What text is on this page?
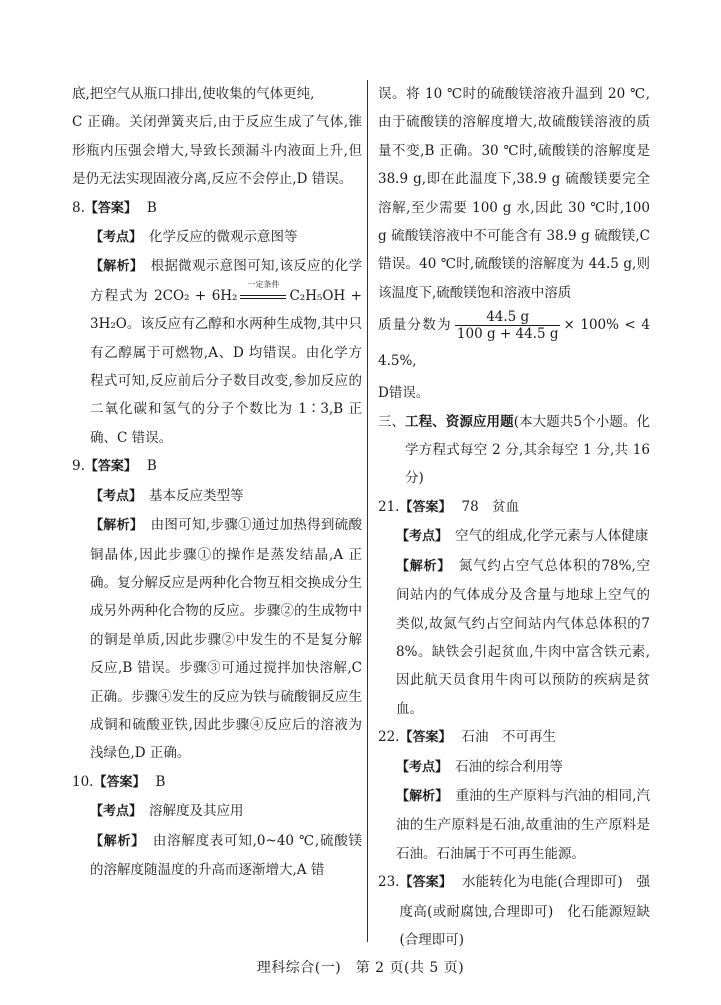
底,把空气从瓶口排出,使收集的气体更纯,

C 正确。关闭弹簧夹后,由于反应生成了气体,锥形瓶内压强会增大,导致长颈漏斗内液面上升,但是仍无法实现固液分离,反应不会停止,D 错误。

8. 【答案】 B
【考点】　 化学反应的微观示意图等
【解析】　 根据微观示意图可知,该反应的化学方程式为 2CO₂ + 6H₂
一定条件
C₂H₅OH + 3H₂O。该反应有乙醇和水两种生成物,其中只有乙醇属于可燃物,A、D 均错误。由化学方程式可知,反应前后分子数目改变,参加反应的二氧化碳和氢气的分子个数比为 1∶3,B 正确、C 错误。
9. 【答案】 B
【考点】　 基本反应类型等
【解析】　 由图可知,步骤①通过加热得到硫酸铜晶体,因此步骤①的操作是蒸发结晶,A 正确。复分解反应是两种化合物互相交换成分生成另外两种化合物的反应。步骤②的生成物中的铜是单质,因此步骤②中发生的不是复分解反应,B 错误。步骤③可通过搅拌加快溶解,C 正确。步骤④发生的反应为铁与硫酸铜反应生成铜和硫酸亚铁,因此步骤④反应后的溶液为浅绿色,D 正确。
10. 【答案】 B
【考点】　 溶解度及其应用
【解析】　 由溶解度表可知,0~40 ℃,硫酸镁的溶解度随温度的升高而逐渐增大,A 错

误。将 10 ℃时的硫酸镁溶液升温到 20 ℃,由于硫酸镁的溶解度增大,故硫酸镁溶液的质量不变,B 正确。30 ℃时,硫酸镁的溶解度是 38.9 g,即在此温度下,38.9 g 硫酸镁要完全溶解,至少需要 100 g 水,因此 30 ℃时,100 g 硫酸镁溶液中不可能含有 38.9 g 硫酸镁,C 错误。40 ℃时,硫酸镁的溶解度为 44.5 g,则该温度下,硫酸镁饱和溶液中溶质

质量分数为 $\frac{44.5 g}{100 g + 44.5 g} \times 100\% < 44.5\%$,

D错误。

三、 工程、资源应用题(本大题共5个小题。化学方程式每空 2 分,其余每空 1 分,共 16 分)
21. 【答案】 78　贫血
【考点】　 空气的组成,化学元素与人体健康
【解析】　 氮气约占空气总体积的78%,空间站内的气体成分及含量与地球上空气的类似,故氮气约占空间站内气体总体积的78%。缺铁会引起贫血,牛肉中富含铁元素,因此航天员食用牛肉可以预防的疾病是贫血。
22. 【答案】 石油　不可再生
【考点】　 石油的综合利用等
【解析】　 重油的生产原料与汽油的相同,汽油的生产原料是石油,故重油的生产原料是石油。石油属于不可再生能源。
23. 【答案】 水能转化为电能(合理即可)　强度高(或耐腐蚀,合理即可)　化石能源短缺(合理即可)
理科综合(一)　第 2 页(共 5 页)
